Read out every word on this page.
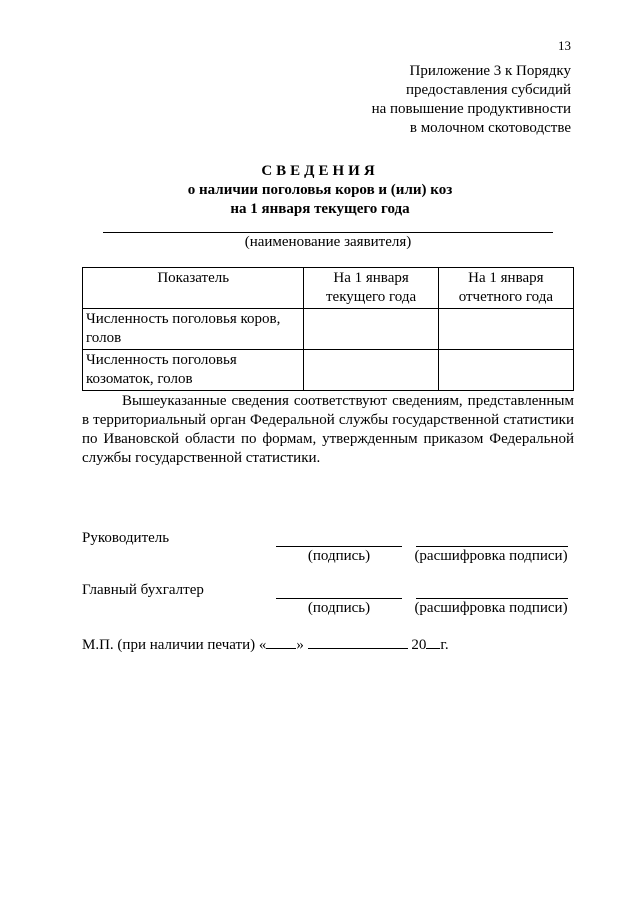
13
Приложение 3 к Порядку
предоставления субсидий
на повышение продуктивности
в молочном скотоводстве
СВЕДЕНИЯ
о наличии поголовья коров и (или) коз
на 1 января текущего года
(наименование заявителя)
Показатель	На 1 января текущего года	На 1 января отчетного года
Численность поголовья коров, голов		
Численность поголовья козоматок, голов		

Вышеуказанные сведения соответствуют сведениям, представленным в территориальный орган Федеральной службы государственной статистики по Ивановской области по формам, утвержденным приказом Федеральной службы государственной статистики.

Руководитель
(подпись)	(расшифровка подписи)
Главный бухгалтер
(подпись)	(расшифровка подписи)
М.П. (при наличии печати) « »	20 г.
